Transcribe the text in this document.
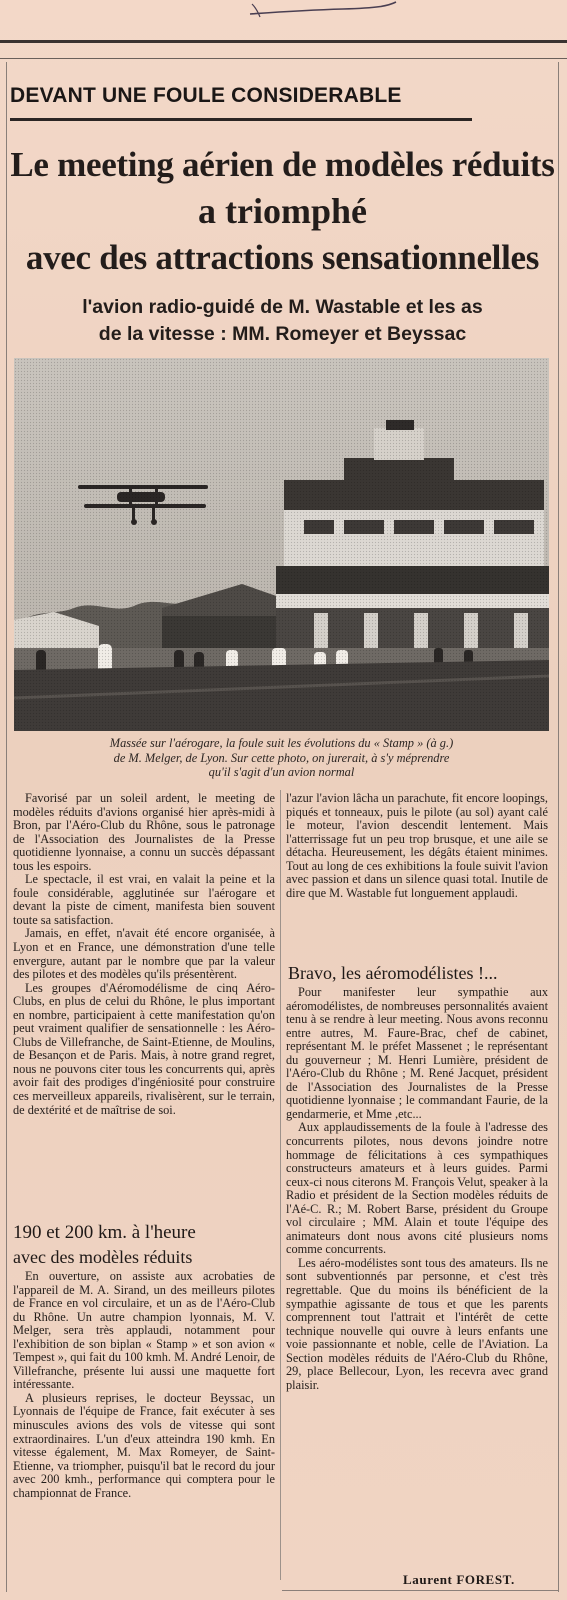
DEVANT UNE FOULE CONSIDERABLE
Le meeting aérien de modèles réduits
a triomphé
avec des attractions sensationnelles
l'avion radio-guidé de M. Wastable et les as
de la vitesse : MM. Romeyer et Beyssac
Massée sur l'aérogare, la foule suit les évolutions du « Stamp » (à g.)
de M. Melger, de Lyon. Sur cette photo, on jurerait, à s'y méprendre
qu'il s'agit d'un avion normal

Favorisé par un soleil ardent, le meeting de modèles réduits d'avions organisé hier après-midi à Bron, par l'Aéro-Club du Rhône, sous le patronage de l'Association des Journalistes de la Presse quotidienne lyonnaise, a connu un succès dépassant tous les espoirs.

Le spectacle, il est vrai, en valait la peine et la foule considérable, agglutinée sur l'aérogare et devant la piste de ciment, manifesta bien souvent toute sa satisfaction.

Jamais, en effet, n'avait été encore organisée, à Lyon et en France, une démonstration d'une telle envergure, autant par le nombre que par la valeur des pilotes et des modèles qu'ils présentèrent.

Les groupes d'Aéromodélisme de cinq Aéro-Clubs, en plus de celui du Rhône, le plus important en nombre, participaient à cette manifestation qu'on peut vraiment qualifier de sensationnelle : les Aéro-Clubs de Villefranche, de Saint-Etienne, de Moulins, de Besançon et de Paris. Mais, à notre grand regret, nous ne pouvons citer tous les concurrents qui, après avoir fait des prodiges d'ingéniosité pour construire ces merveilleux appareils, rivalisèrent, sur le terrain, de dextérité et de maîtrise de soi.

190 et 200 km. à l'heure
avec des modèles réduits

En ouverture, on assiste aux acrobaties de l'appareil de M. A. Sirand, un des meilleurs pilotes de France en vol circulaire, et un as de l'Aéro-Club du Rhône. Un autre champion lyonnais, M. V. Melger, sera très applaudi, notamment pour l'exhibition de son biplan « Stamp » et son avion « Tempest », qui fait du 100 kmh. M. André Lenoir, de Villefranche, présente lui aussi une maquette fort intéressante.

A plusieurs reprises, le docteur Beyssac, un Lyonnais de l'équipe de France, fait exécuter à ses minuscules avions des vols de vitesse qui sont extraordinaires. L'un d'eux atteindra 190 kmh. En vitesse également, M. Max Romeyer, de Saint-Etienne, va triompher, puisqu'il bat le record du jour avec 200 kmh., performance qui comptera pour le championnat de France.

l'azur l'avion lâcha un parachute, fit encore loopings, piqués et tonneaux, puis le pilote (au sol) ayant calé le moteur, l'avion descendit lentement. Mais l'atterrissage fut un peu trop brusque, et une aile se détacha. Heureusement, les dégâts étaient minimes. Tout au long de ces exhibitions la foule suivit l'avion avec passion et dans un silence quasi total. Inutile de dire que M. Wastable fut longuement applaudi.

Bravo, les aéromodélistes !...

Pour manifester leur sympathie aux aéromodélistes, de nombreuses personnalités avaient tenu à se rendre à leur meeting. Nous avons reconnu entre autres, M. Faure-Brac, chef de cabinet, représentant M. le préfet Massenet ; le représentant du gouverneur ; M. Henri Lumière, président de l'Aéro-Club du Rhône ; M. René Jacquet, président de l'Association des Journalistes de la Presse quotidienne lyonnaise ; le commandant Faurie, de la gendarmerie, et Mme ,etc...

Aux applaudissements de la foule à l'adresse des concurrents pilotes, nous devons joindre notre hommage de félicitations à ces sympathiques constructeurs amateurs et à leurs guides. Parmi ceux-ci nous citerons M. François Velut, speaker à la Radio et président de la Section modèles réduits de l'Aé-C. R.; M. Robert Barse, président du Groupe vol circulaire ; MM. Alain et toute l'équipe des animateurs dont nous avons cité plusieurs noms comme concurrents.

Les aéro-modélistes sont tous des amateurs. Ils ne sont subventionnés par personne, et c'est très regrettable. Que du moins ils bénéficient de la sympathie agissante de tous et que les parents comprennent tout l'attrait et l'intérêt de cette technique nouvelle qui ouvre à leurs enfants une voie passionnante et noble, celle de l'Aviation. La Section modèles réduits de l'Aéro-Club du Rhône, 29, place Bellecour, Lyon, les recevra avec grand plaisir.

Laurent FOREST.
